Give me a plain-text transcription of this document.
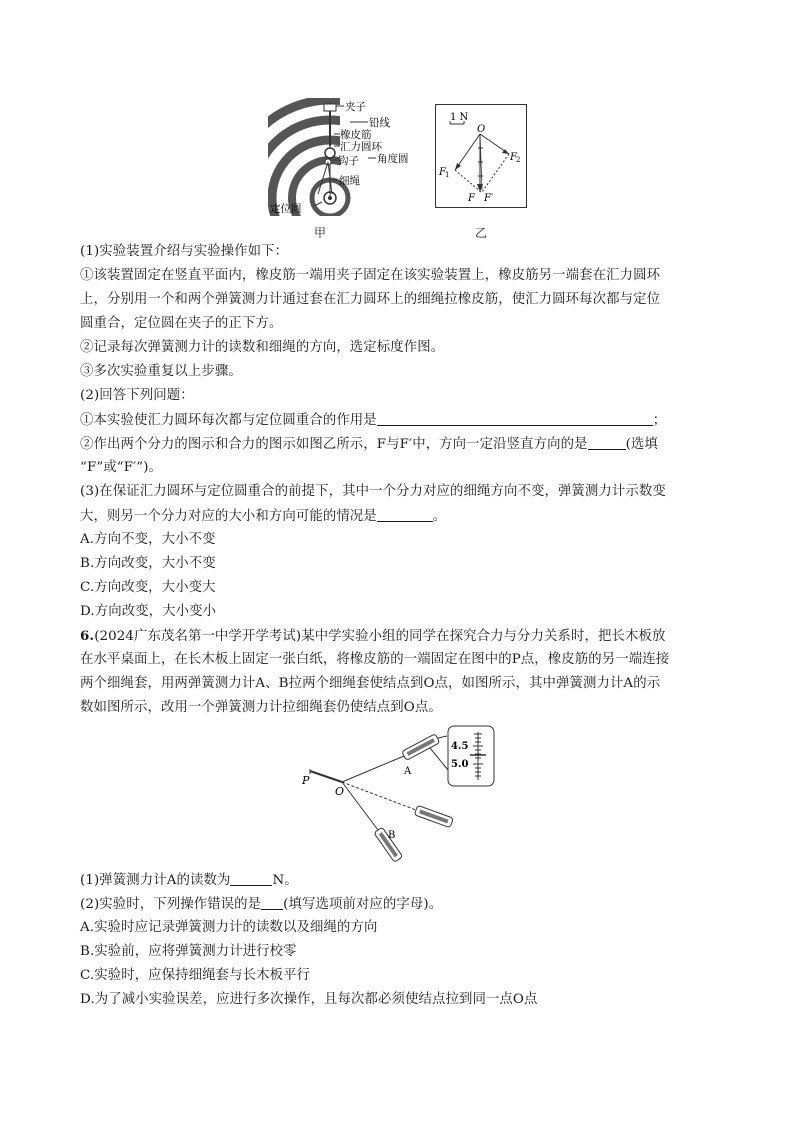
夹子
铅线
橡皮筋
汇力圆环
钩子 角度圆
细绳
定位圆
甲
1 N
O
F 1
F 2
F F′
乙
(1)实验装置介绍与实验操作如下：
①该装置固定在竖直平面内，橡皮筋一端用夹子固定在该实验装置上，橡皮筋另一端套在汇力圆环
上，分别用一个和两个弹簧测力计通过套在汇力圆环上的细绳拉橡皮筋，使汇力圆环每次都与定位
圆重合，定位圆在夹子的正下方。
②记录每次弹簧测力计的读数和细绳的方向，选定标度作图。
③多次实验重复以上步骤。
(2)回答下列问题：
①本实验使汇力圆环每次都与定位圆重合的作用是	；
②作出两个分力的图示和合力的图示如图乙所示，F与F′中，方向一定沿竖直方向的是	(选填
“F”或“F′”)。
(3)在保证汇力圆环与定位圆重合的前提下，其中一个分力对应的细绳方向不变，弹簧测力计示数变
大，则另一个分力对应的大小和方向可能的情况是	。
A.方向不变，大小不变
B.方向改变，大小不变
C.方向改变，大小变大
D.方向改变，大小变小
6.(2024广东茂名第一中学开学考试)某中学实验小组的同学在探究合力与分力关系时，把长木板放
在水平桌面上，在长木板上固定一张白纸，将橡皮筋的一端固定在图中的P点，橡皮筋的另一端连接
两个细绳套，用两弹簧测力计A、B拉两个细绳套使结点到O点，如图所示，其中弹簧测力计A的示
数如图所示，改用一个弹簧测力计拉细绳套仍使结点到O点。
4.5
5.0
P
O
A
B
(1)弹簧测力计A的读数为	N。
(2)实验时，下列操作错误的是 (填写选项前对应的字母)。
A.实验时应记录弹簧测力计的读数以及细绳的方向
B.实验前，应将弹簧测力计进行校零
C.实验时，应保持细绳套与长木板平行
D.为了减小实验误差，应进行多次操作，且每次都必须使结点拉到同一点O点
